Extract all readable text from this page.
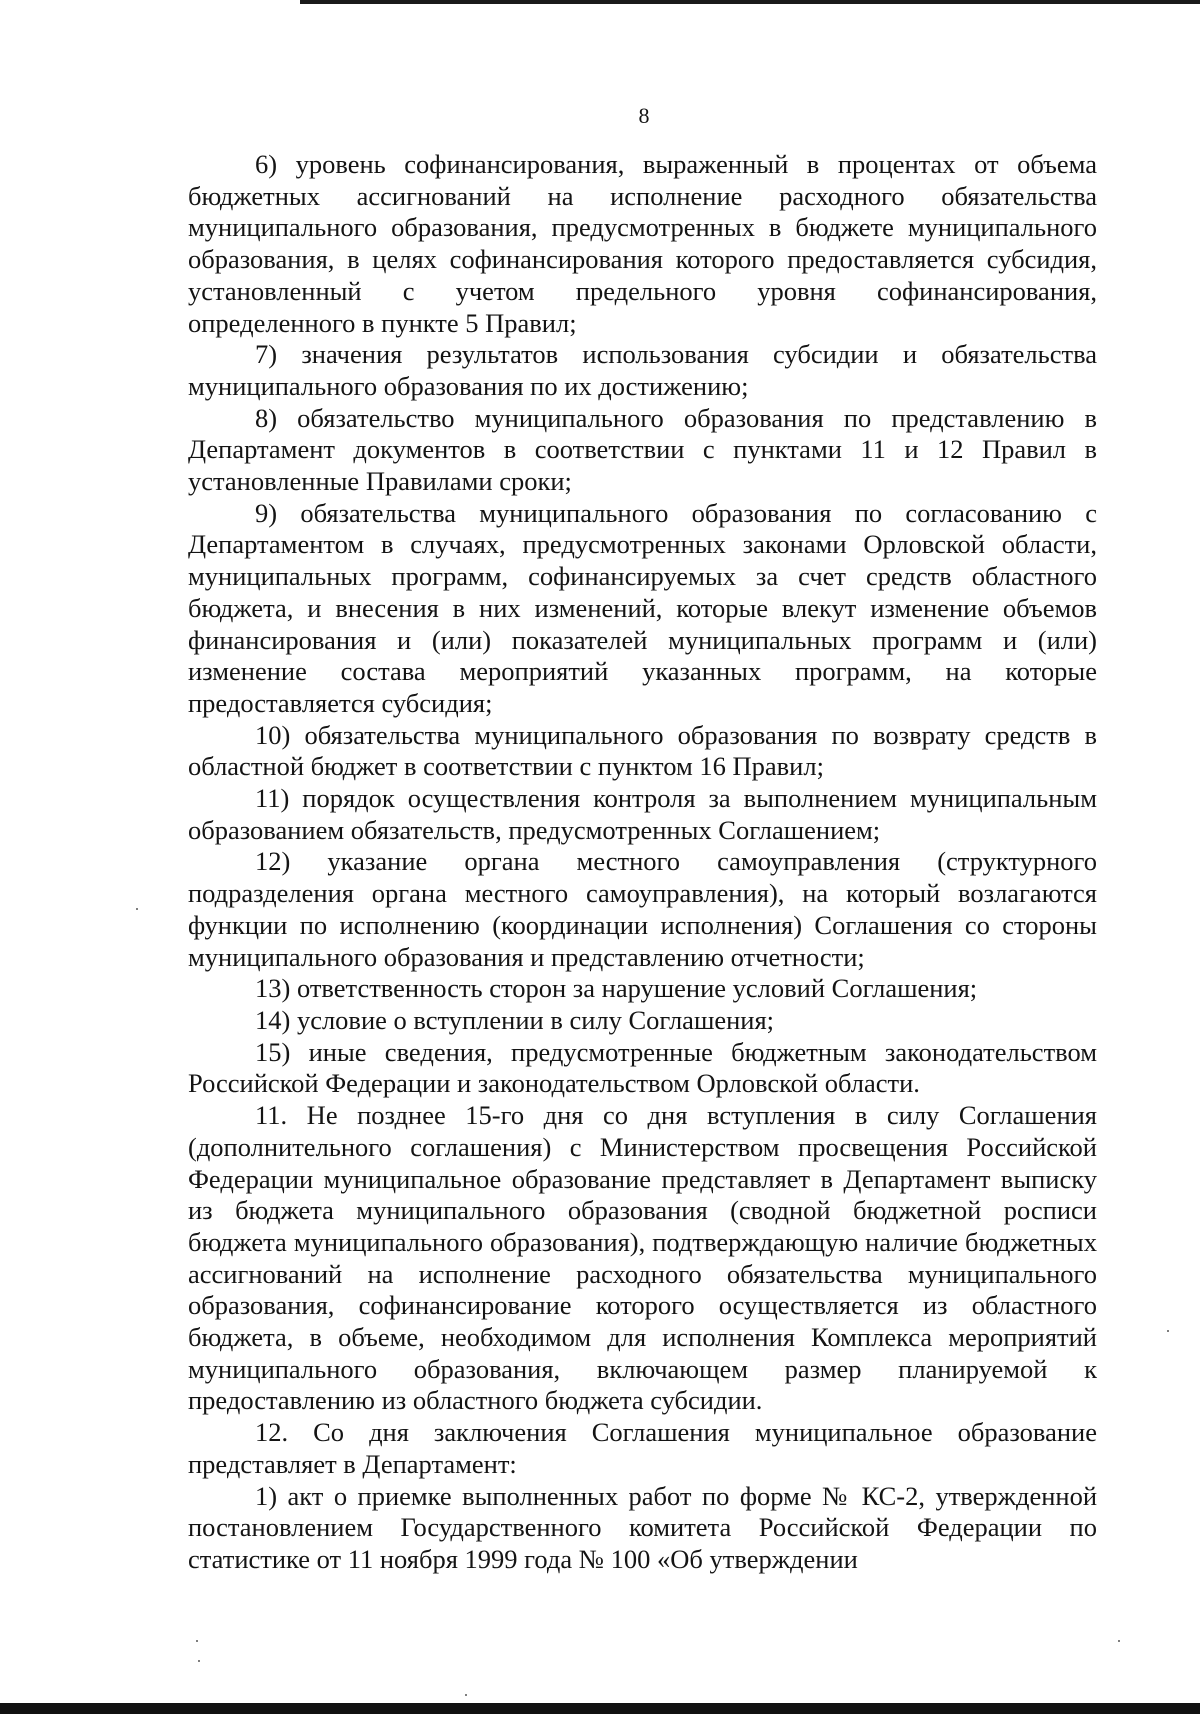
8

6) уровень софинансирования, выраженный в процентах от объема бюджетных ассигнований на исполнение расходного обязательства муниципального образования, предусмотренных в бюджете муниципального образования, в целях софинансирования которого предоставляется субсидия, установленный с учетом предельного уровня софинансирования, определенного в пункте 5 Правил;

7) значения результатов использования субсидии и обязательства муниципального образования по их достижению;

8) обязательство муниципального образования по представлению в Департамент документов в соответствии с пунктами 11 и 12 Правил в установленные Правилами сроки;

9) обязательства муниципального образования по согласованию с Департаментом в случаях, предусмотренных законами Орловской области, муниципальных программ, софинансируемых за счет средств областного бюджета, и внесения в них изменений, которые влекут изменение объемов финансирования и (или) показателей муниципальных программ и (или) изменение состава мероприятий указанных программ, на которые предоставляется субсидия;

10) обязательства муниципального образования по возврату средств в областной бюджет в соответствии с пунктом 16 Правил;

11) порядок осуществления контроля за выполнением муниципальным образованием обязательств, предусмотренных Соглашением;

12) указание органа местного самоуправления (структурного подразделения органа местного самоуправления), на который возлагаются функции по исполнению (координации исполнения) Соглашения со стороны муниципального образования и представлению отчетности;

13) ответственность сторон за нарушение условий Соглашения;

14) условие о вступлении в силу Соглашения;

15) иные сведения, предусмотренные бюджетным законодательством Российской Федерации и законодательством Орловской области.

11. Не позднее 15-го дня со дня вступления в силу Соглашения (дополнительного соглашения) с Министерством просвещения Российской Федерации муниципальное образование представляет в Департамент выписку из бюджета муниципального образования (сводной бюджетной росписи бюджета муниципального образования), подтверждающую наличие бюджетных ассигнований на исполнение расходного обязательства муниципального образования, софинансирование которого осуществляется из областного бюджета, в объеме, необходимом для исполнения Комплекса мероприятий муниципального образования, включающем размер планируемой к предоставлению из областного бюджета субсидии.

12. Со дня заключения Соглашения муниципальное образование представляет в Департамент:

1) акт о приемке выполненных работ по форме № КС-2, утвержденной постановлением Государственного комитета Российской Федерации по статистике от 11 ноября 1999 года № 100 «Об утверждении
